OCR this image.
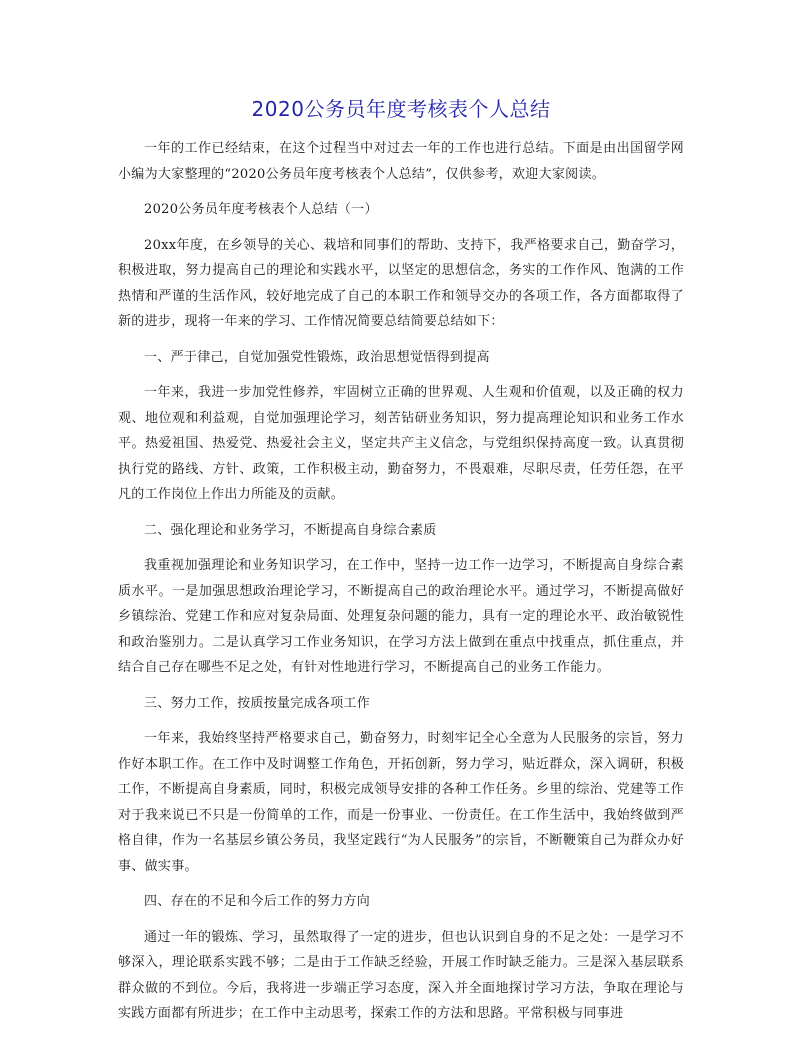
2020公务员年度考核表个人总结

一年的工作已经结束，在这个过程当中对过去一年的工作也进行总结。下面是由出国留学网小编为大家整理的“2020公务员年度考核表个人总结”，仅供参考，欢迎大家阅读。

2020公务员年度考核表个人总结（一）

20xx年度，在乡领导的关心、栽培和同事们的帮助、支持下，我严格要求自己，勤奋学习，积极进取，努力提高自己的理论和实践水平，以坚定的思想信念，务实的工作作风、饱满的工作热情和严谨的生活作风，较好地完成了自己的本职工作和领导交办的各项工作，各方面都取得了新的进步，现将一年来的学习、工作情况简要总结简要总结如下：

一、严于律己，自觉加强党性锻炼，政治思想觉悟得到提高

一年来，我进一步加党性修养，牢固树立正确的世界观、人生观和价值观，以及正确的权力观、地位观和利益观，自觉加强理论学习，刻苦钻研业务知识，努力提高理论知识和业务工作水平。热爱祖国、热爱党、热爱社会主义，坚定共产主义信念，与党组织保持高度一致。认真贯彻执行党的路线、方针、政策，工作积极主动，勤奋努力，不畏艰难，尽职尽责，任劳任怨，在平凡的工作岗位上作出力所能及的贡献。

二、强化理论和业务学习，不断提高自身综合素质

我重视加强理论和业务知识学习，在工作中，坚持一边工作一边学习，不断提高自身综合素质水平。一是加强思想政治理论学习，不断提高自己的政治理论水平。通过学习，不断提高做好乡镇综治、党建工作和应对复杂局面、处理复杂问题的能力，具有一定的理论水平、政治敏锐性和政治鉴别力。二是认真学习工作业务知识，在学习方法上做到在重点中找重点，抓住重点，并结合自己存在哪些不足之处，有针对性地进行学习，不断提高自己的业务工作能力。

三、努力工作，按质按量完成各项工作

一年来，我始终坚持严格要求自己，勤奋努力，时刻牢记全心全意为人民服务的宗旨，努力作好本职工作。在工作中及时调整工作角色，开拓创新，努力学习，贴近群众，深入调研，积极工作，不断提高自身素质，同时，积极完成领导安排的各种工作任务。乡里的综治、党建等工作对于我来说已不只是一份简单的工作，而是一份事业、一份责任。在工作生活中，我始终做到严格自律，作为一名基层乡镇公务员，我坚定践行“为人民服务”的宗旨，不断鞭策自己为群众办好事、做实事。

四、存在的不足和今后工作的努力方向

通过一年的锻炼、学习，虽然取得了一定的进步，但也认识到自身的不足之处：一是学习不够深入，理论联系实践不够；二是由于工作缺乏经验，开展工作时缺乏能力。三是深入基层联系群众做的不到位。今后，我将进一步端正学习态度，深入并全面地探讨学习方法，争取在理论与实践方面都有所进步；在工作中主动思考，探索工作的方法和思路。平常积极与同事进
